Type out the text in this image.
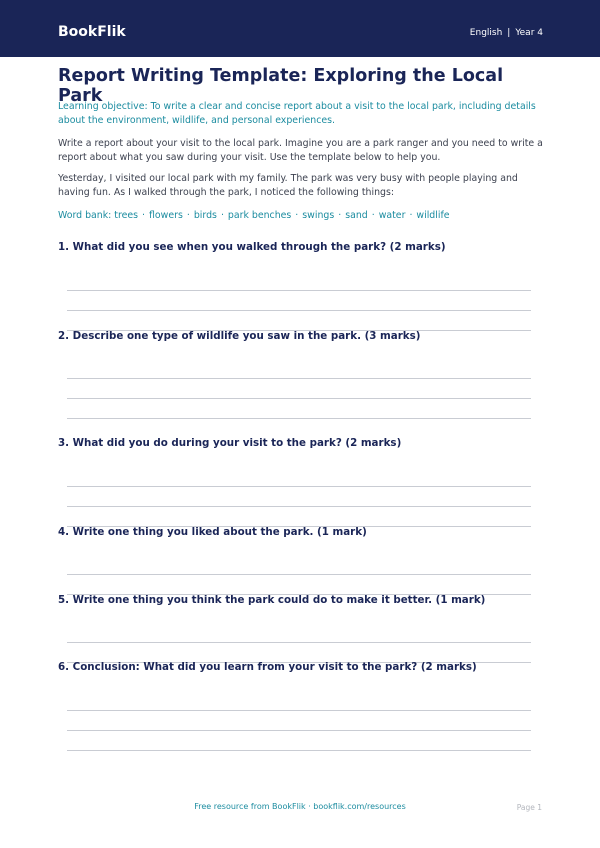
BookFlik	English | Year 4
Report Writing Template: Exploring the Local Park

Learning objective: To write a clear and concise report about a visit to the local park, including details about the environment, wildlife, and personal experiences.

Write a report about your visit to the local park. Imagine you are a park ranger and you need to write a report about what you saw during your visit. Use the template below to help you.

Yesterday, I visited our local park with my family. The park was very busy with people playing and having fun. As I walked through the park, I noticed the following things:

Word bank: trees · flowers · birds · park benches · swings · sand · water · wildlife

1. What did you see when you walked through the park? (2 marks)
2. Describe one type of wildlife you saw in the park. (3 marks)
3. What did you do during your visit to the park? (2 marks)
4. Write one thing you liked about the park. (1 mark)
5. Write one thing you think the park could do to make it better. (1 mark)
6. Conclusion: What did you learn from your visit to the park? (2 marks)
Free resource from BookFlik · bookflik.com/resources	Page 1
